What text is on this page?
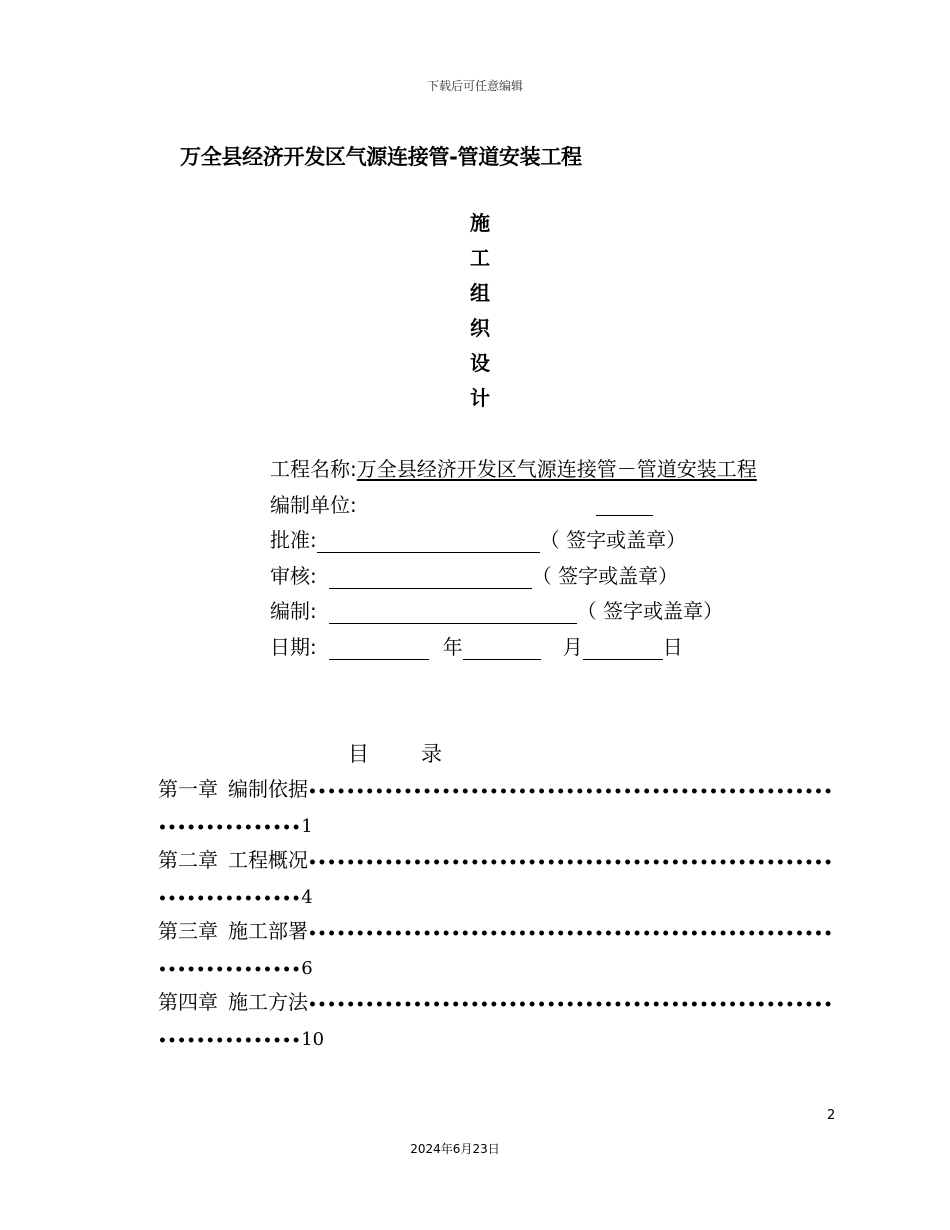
下载后可任意编辑
万全县经济开发区气源连接管-管道安装工程
施
工
组
织
设
计
工程名称:万全县经济开发区气源连接管－管道安装工程
编制单位:
批准:	（ 签字或盖章）
审核:	（ 签字或盖章）
编制:	（ 签字或盖章）
日期:	年	月	日
目 录
第一章 编制依据•••••••••••••••••••••••••••••••••••••••••••••••••••••••
•••••••••••••••1
第二章 工程概况•••••••••••••••••••••••••••••••••••••••••••••••••••••••
•••••••••••••••4
第三章 施工部署•••••••••••••••••••••••••••••••••••••••••••••••••••••••
•••••••••••••••6
第四章 施工方法•••••••••••••••••••••••••••••••••••••••••••••••••••••••
•••••••••••••••10
2
2024年6月23日
